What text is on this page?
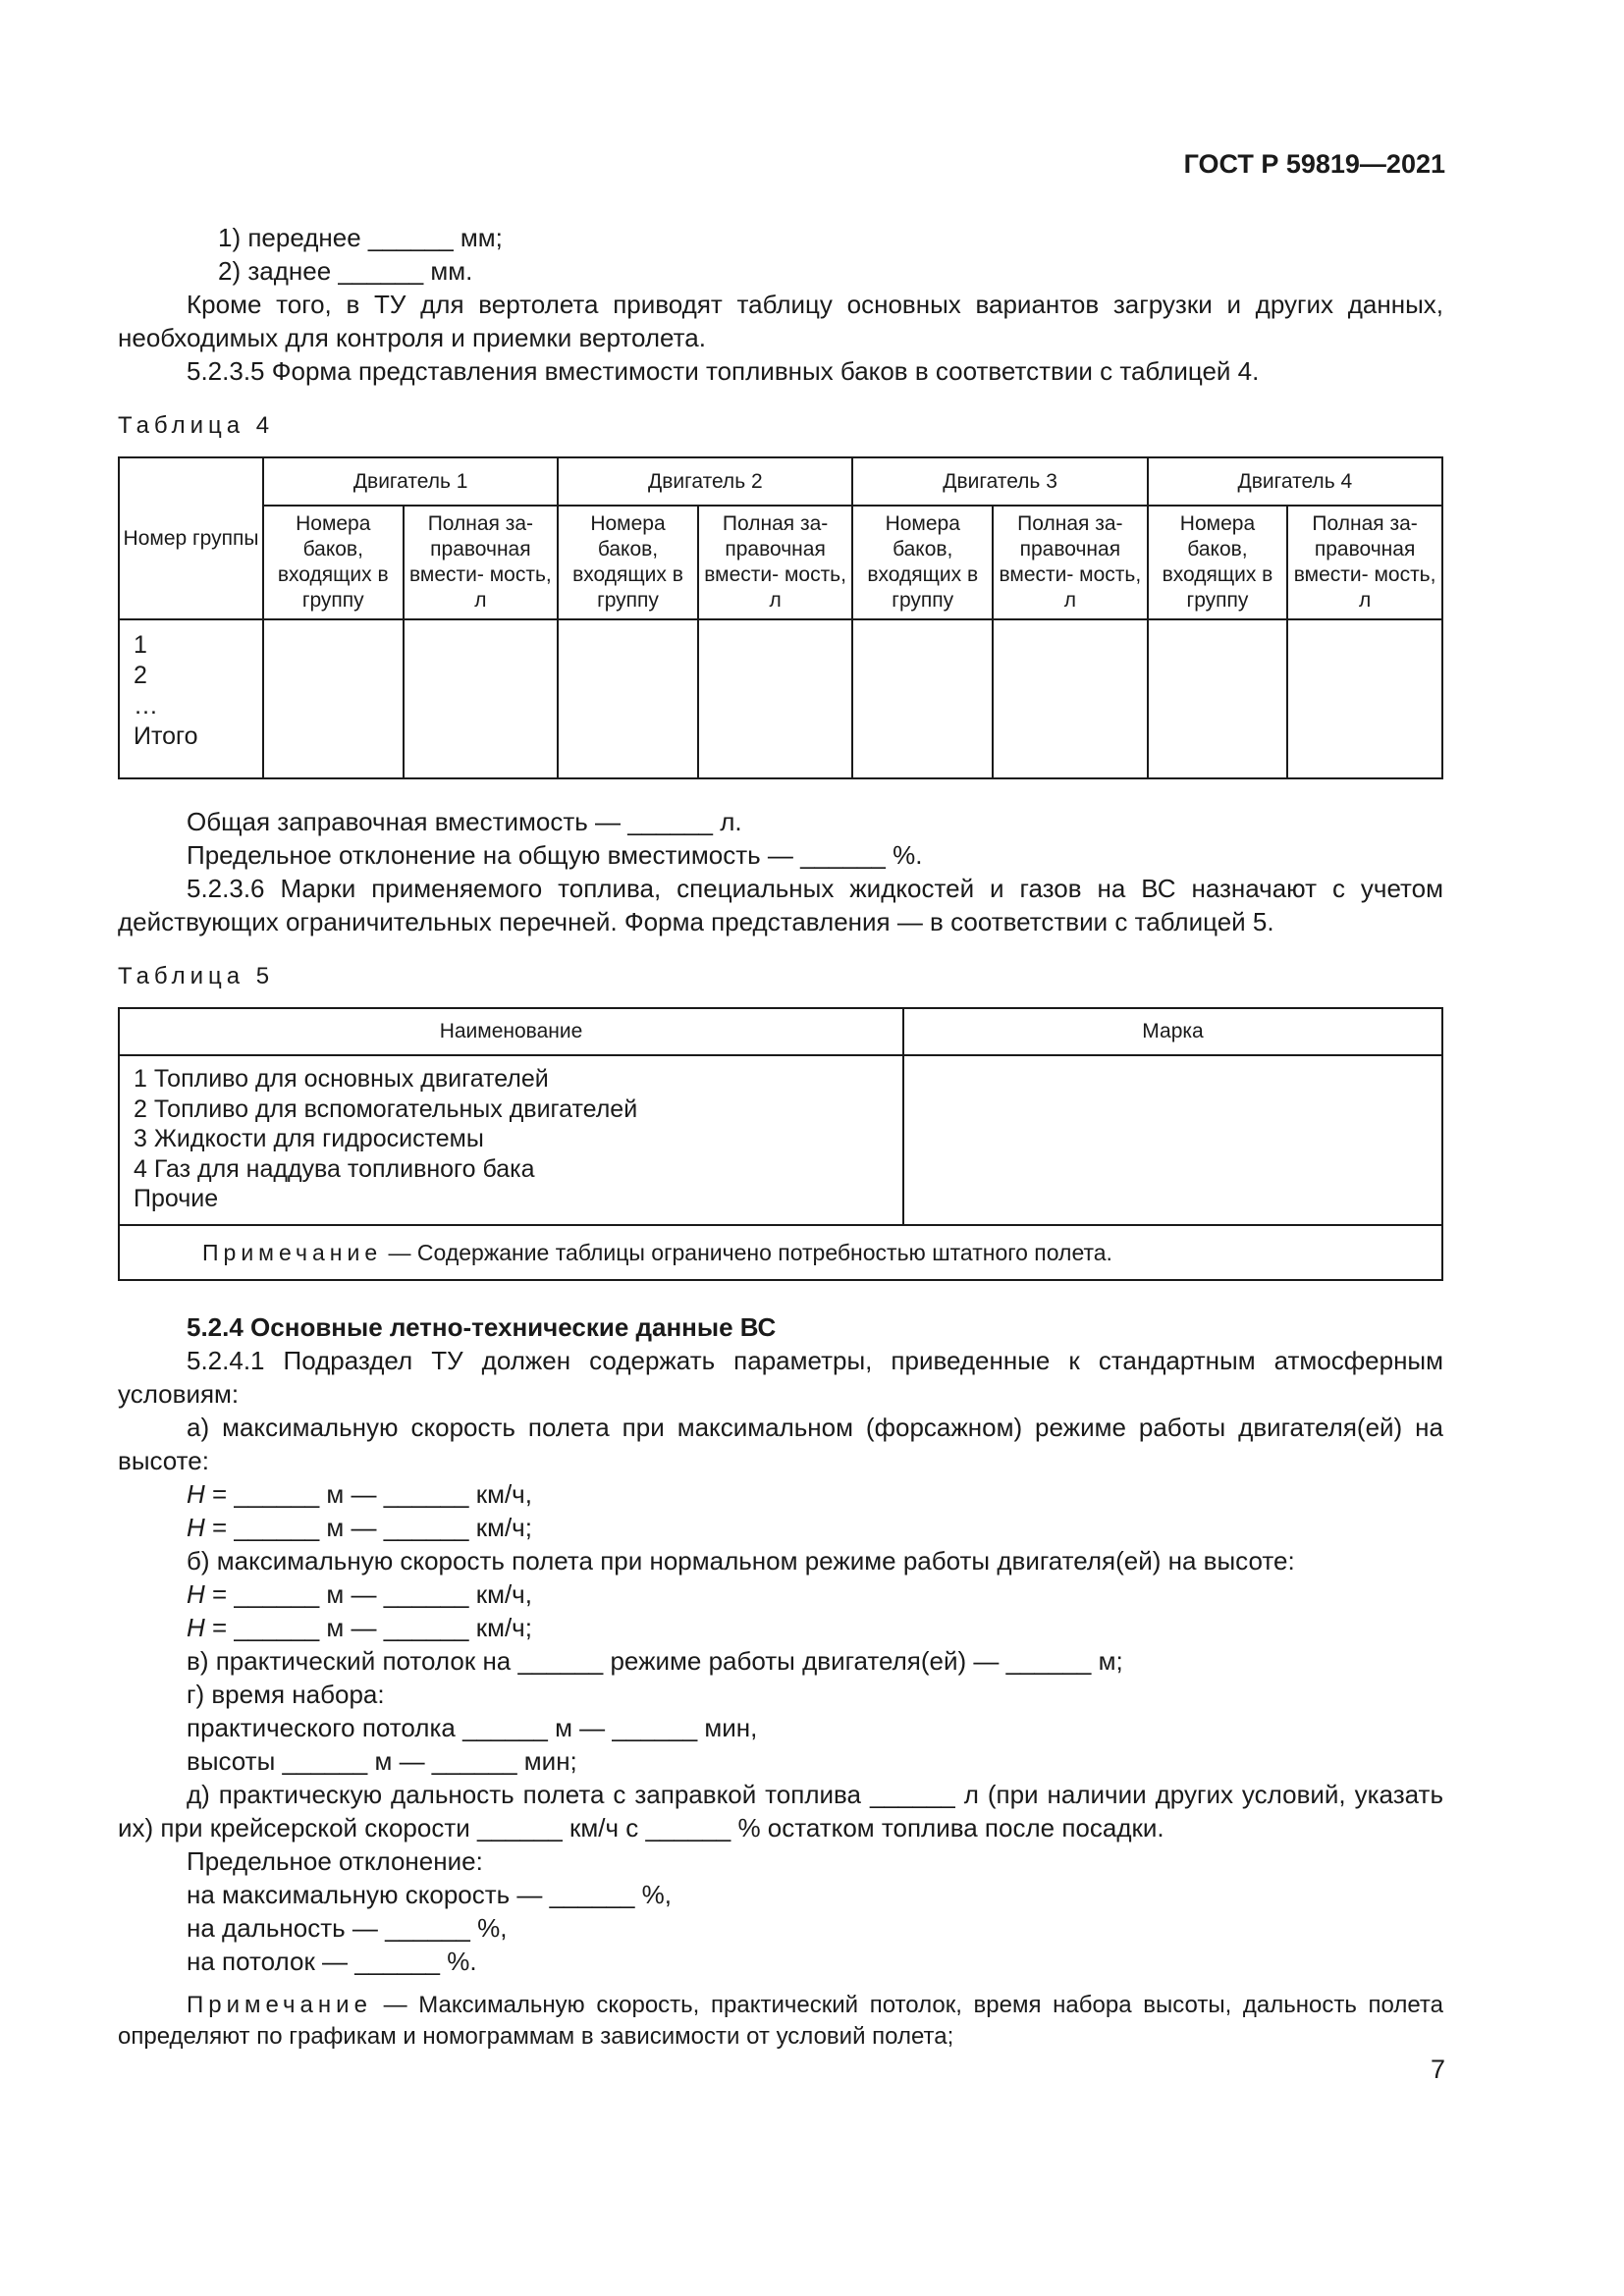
ГОСТ Р 59819—2021

1) переднее ______ мм;

2) заднее ______ мм.

Кроме того, в ТУ для вертолета приводят таблицу основных вариантов загрузки и других данных, необходимых для контроля и приемки вертолета.

5.2.3.5 Форма представления вместимости топливных баков в соответствии с таблицей 4.

Таблица 4
Номер группы	Двигатель 1		Двигатель 2		Двигатель 3		Двигатель 4	
	Номера баков, входящих в группу	Полная за- правочная вмести- мость, л	Номера баков, входящих в группу	Полная за- правочная вмести- мость, л	Номера баков, входящих в группу	Полная за- правочная вмести- мость, л	Номера баков, входящих в группу	Полная за- правочная вмести- мость, л

1
2
…
Итого								

Общая заправочная вместимость — ______ л.

Предельное отклонение на общую вместимость — ______ %.

5.2.3.6 Марки применяемого топлива, специальных жидкостей и газов на ВС назначают с учетом действующих ограничительных перечней. Форма представления — в соответствии с таблицей 5.

Таблица 5
Наименование	Марка

1 Топливо для основных двигателей
2 Топливо для вспомогательных двигателей
3 Жидкости для гидросистемы
4 Газ для наддува топливного бака
Прочие	

Примечание — Содержание таблицы ограничено потребностью штатного полета.	

5.2.4 Основные летно-технические данные ВС

5.2.4.1 Подраздел ТУ должен содержать параметры, приведенные к стандартным атмосферным условиям:

а) максимальную скорость полета при максимальном (форсажном) режиме работы двигателя(ей) на высоте:

H = ______ м — ______ км/ч,

H = ______ м — ______ км/ч;

б) максимальную скорость полета при нормальном режиме работы двигателя(ей) на высоте:

H = ______ м — ______ км/ч,

H = ______ м — ______ км/ч;

в) практический потолок на ______ режиме работы двигателя(ей) — ______ м;

г) время набора:

практического потолка ______ м — ______ мин,

высоты ______ м — ______ мин;

д) практическую дальность полета с заправкой топлива ______ л (при наличии других условий, указать их) при крейсерской скорости ______ км/ч с ______ % остатком топлива после посадки.

Предельное отклонение:

на максимальную скорость — ______ %,

на дальность — ______ %,

на потолок — ______ %.

Примечание — Максимальную скорость, практический потолок, время набора высоты, дальность полета определяют по графикам и номограммам в зависимости от условий полета;

7
